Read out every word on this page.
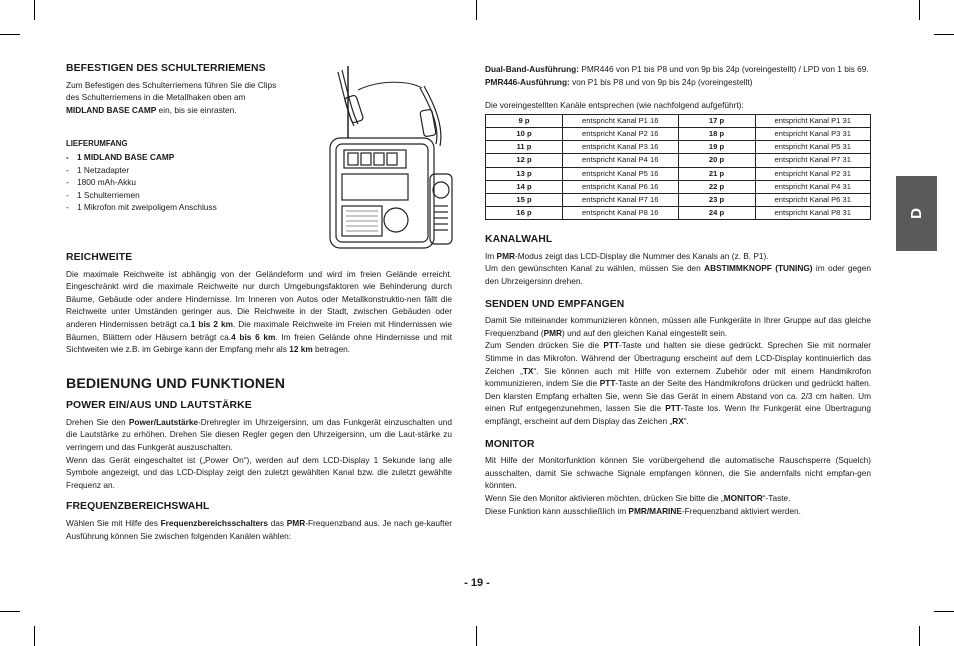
D
BEFESTIGEN DES SCHULTERRIEMENS

Zum Befestigen des Schulterriemens führen Sie die Clips

des Schulterriemens in die Metallhaken oben am

MIDLAND BASE CAMP ein, bis sie einrasten.

LIEFERUMFANG

- 1 MIDLAND BASE CAMP
- 1 Netzadapter
- 1800 mAh-Akku
- 1 Schulterriemen
- 1 Mikrofon mit zweipoligem Anschluss
REICHWEITE

Die maximale Reichweite ist abhängig von der Geländeform und wird im freien Gelände erreicht. Eingeschränkt wird die maximale Reichweite nur durch Umgebungsfaktoren wie Behinderung durch Bäume, Gebäude oder andere Hindernisse. Im Inneren von Autos oder Metallkonstruktio-nen fällt die Reichweite unter Umständen geringer aus. Die Reichweite in der Stadt, zwischen Gebäuden oder anderen Hindernissen beträgt ca.1 bis 2 km. Die maximale Reichweite im Freien mit Hindernissen wie Bäumen, Blättern oder Häusern beträgt ca.4 bis 6 km. Im freien Gelände ohne Hindernisse und mit Sichtweiten wie z.B. im Gebirge kann der Empfang mehr als 12 km betragen.

BEDIENUNG UND FUNKTIONEN
POWER EIN/AUS UND LAUTSTÄRKE

Drehen Sie den Power/Lautstärke-Drehregler im Uhrzeigersinn, um das Funkgerät einzuschalten und die Lautstärke zu erhöhen. Drehen Sie diesen Regler gegen den Uhrzeigersinn, um die Laut-stärke zu verringern und das Funkgerät auszuschalten.

Wenn das Gerät eingeschaltet ist („Power On“), werden auf dem LCD-Display 1 Sekunde lang alle Symbole angezeigt, und das LCD-Display zeigt den zuletzt gewählten Kanal bzw. die zuletzt gewählte Frequenz an.

FREQUENZBEREICHSWAHL

Wählen Sie mit Hilfe des Frequenzbereichsschalters das PMR-Frequenzband aus. Je nach ge-kaufter Ausführung können Sie zwischen folgenden Kanälen wählen:

Dual-Band-Ausführung: PMR446 von P1 bis P8 und von 9p bis 24p (voreingestellt) / LPD von 1 bis 69.

PMR446-Ausführung: von P1 bis P8 und von 9p bis 24p (voreingestellt)

Die voreingestellten Kanäle entsprechen (wie nachfolgend aufgeführt):

9 p	entspricht Kanal P1 16	17 p	entspricht Kanal P1 31
10 p	entspricht Kanal P2 16	18 p	entspricht Kanal P3 31
11 p	entspricht Kanal P3 16	19 p	entspricht Kanal P5 31
12 p	entspricht Kanal P4 16	20 p	entspricht Kanal P7 31
13 p	entspricht Kanal P5 16	21 p	entspricht Kanal P2 31
14 p	entspricht Kanal P6 16	22 p	entspricht Kanal P4 31
15 p	entspricht Kanal P7 16	23 p	entspricht Kanal P6 31
16 p	entspricht Kanal P8 16	24 p	entspricht Kanal P8 31
KANALWAHL

Im PMR-Modus zeigt das LCD-Display die Nummer des Kanals an (z. B. P1).

Um den gewünschten Kanal zu wählen, müssen Sie den ABSTIMMKNOPF (TUNING) im oder gegen den Uhrzeigersinn drehen.

SENDEN UND EMPFANGEN

Damit Sie miteinander kommunizieren können, müssen alle Funkgeräte in Ihrer Gruppe auf das gleiche Frequenzband (PMR) und auf den gleichen Kanal eingestellt sein.

Zum Senden drücken Sie die PTT-Taste und halten sie diese gedrückt. Sprechen Sie mit normaler Stimme in das Mikrofon. Während der Übertragung erscheint auf dem LCD-Display kontinuierlich das Zeichen „TX“. Sie können auch mit Hilfe von externem Zubehör oder mit einem Handmikrofon kommunizieren, indem Sie die PTT-Taste an der Seite des Handmikrofons drücken und gedrückt halten. Den klarsten Empfang erhalten Sie, wenn Sie das Gerät in einem Abstand von ca. 2/3 cm halten. Um einen Ruf entgegenzunehmen, lassen Sie die PTT-Taste los. Wenn Ihr Funkgerät eine Übertragung empfängt, erscheint auf dem Display das Zeichen „RX“.

MONITOR

Mit Hilfe der Monitorfunktion können Sie vorübergehend die automatische Rauschsperre (Squelch) ausschalten, damit Sie schwache Signale empfangen können, die Sie andernfalls nicht empfan-gen könnten.

Wenn Sie den Monitor aktivieren möchten, drücken Sie bitte die „MONITOR“-Taste.

Diese Funktion kann ausschließlich im PMR/MARINE-Frequenzband aktiviert werden.

- 19 -
